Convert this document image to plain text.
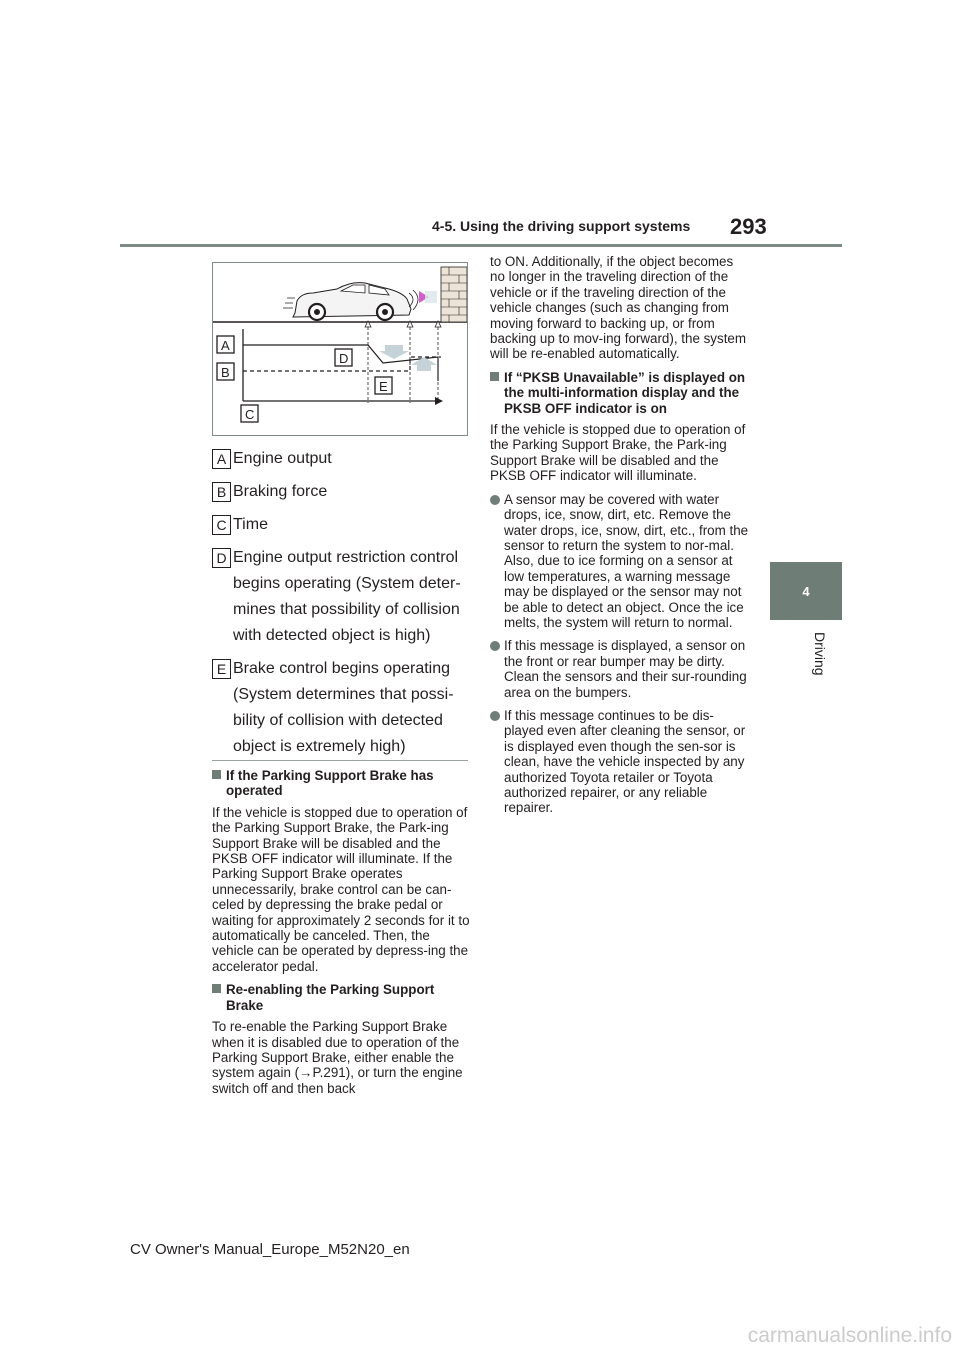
4-5. Using the driving support systems 293
4
Driving
A
B
C
D
E
A Engine output
B Braking force
C Time
D Engine output restriction control
begins operating (System deter-
mines that possibility of collision
with detected object is high)
E Brake control begins operating
(System determines that possi-
bility of collision with detected
object is extremely high)
If the Parking Support Brake has operated

If the vehicle is stopped due to operation of the Parking Support Brake, the Park-ing Support Brake will be disabled and the PKSB OFF indicator will illuminate. If the Parking Support Brake operates unnecessarily, brake control can be can-celed by depressing the brake pedal or waiting for approximately 2 seconds for it to automatically be canceled. Then, the vehicle can be operated by depress-ing the accelerator pedal.

Re-enabling the Parking Support Brake

To re-enable the Parking Support Brake when it is disabled due to operation of the Parking Support Brake, either enable the system again (→P.291), or turn the engine switch off and then back

to ON. Additionally, if the object becomes no longer in the traveling direction of the vehicle or if the traveling direction of the vehicle changes (such as changing from moving forward to backing up, or from backing up to mov-ing forward), the system will be re-enabled automatically.

If “PKSB Unavailable” is displayed on the multi-information display and the PKSB OFF indicator is on

If the vehicle is stopped due to operation of the Parking Support Brake, the Park-ing Support Brake will be disabled and the PKSB OFF indicator will illuminate.

A sensor may be covered with water drops, ice, snow, dirt, etc. Remove the water drops, ice, snow, dirt, etc., from the sensor to return the system to nor-mal.
Also, due to ice forming on a sensor at low temperatures, a warning message may be displayed or the sensor may not be able to detect an object. Once the ice melts, the system will return to normal.
If this message is displayed, a sensor on the front or rear bumper may be dirty. Clean the sensors and their sur-rounding area on the bumpers.
If this message continues to be dis-played even after cleaning the sensor, or is displayed even though the sen-sor is clean, have the vehicle inspected by any authorized Toyota retailer or Toyota authorized repairer, or any reliable repairer.
CV Owner's Manual_Europe_M52N20_en
carmanualsonline.info
